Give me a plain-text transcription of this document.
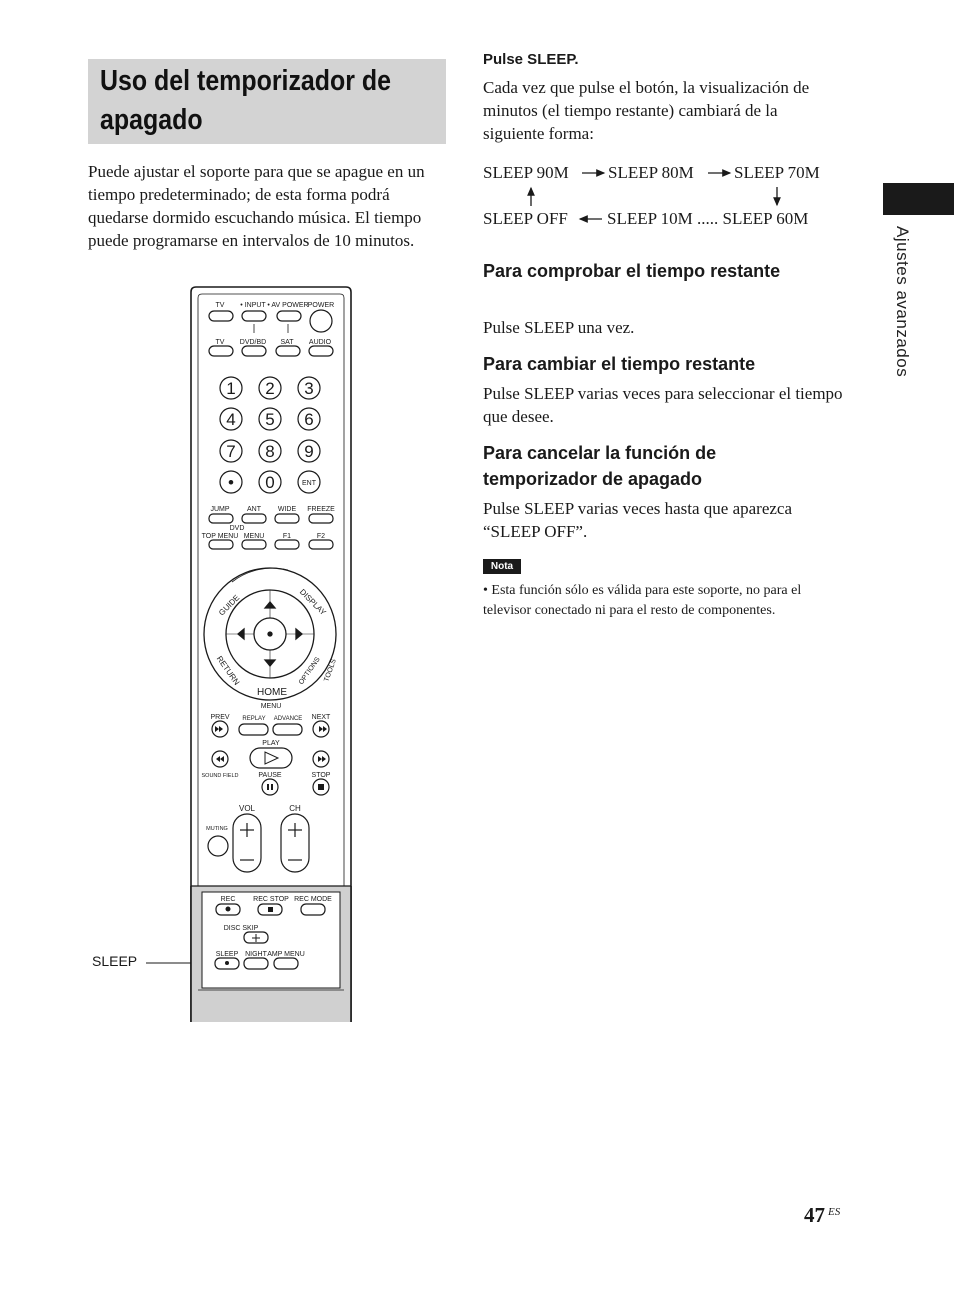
Uso del temporizador de apagado
Puede ajustar el soporte para que se apague en un tiempo predeterminado; de esta forma podrá quedarse dormido escuchando música. El tiempo puede programarse en intervalos de 10 minutos.
Pulse SLEEP.
Cada vez que pulse el botón, la visualización de minutos (el tiempo restante) cambiará de la siguiente forma:
SLEEP 90M SLEEP 80M SLEEP 70M
SLEEP OFF SLEEP 10M ..... SLEEP 60M
Para comprobar el tiempo restante
Pulse SLEEP una vez.
Para cambiar el tiempo restante
Pulse SLEEP varias veces para seleccionar el tiempo que desee.
Para cancelar la función de temporizador de apagado
Pulse SLEEP varias veces hasta que aparezca “SLEEP OFF”.
Nota
• Esta función sólo es válida para este soporte, no para el televisor conectado ni para el resto de componentes.
Ajustes avanzados
47 ES
SLEEP
TV • INPUT • AV POWER POWER
TV DVD/BD SAT AUDIO
JUMP ANT WIDE FREEZE
DVD
TOP MENU MENU	F1	F2
PREV REPLAY ADVANCE NEXT
PLAY
SOUND FIELD	PAUSE	STOP
VOL	CH
MUTING
REC	REC STOP REC MODE
DISC SKIP
SLEEP NIGHT AMP MENU
GUIDE	DISPLAY
RETURN	OPTIONS TOOLS
HOME
MENU
1 2 3
4 5 6
7 8 9
• 0	ENT
